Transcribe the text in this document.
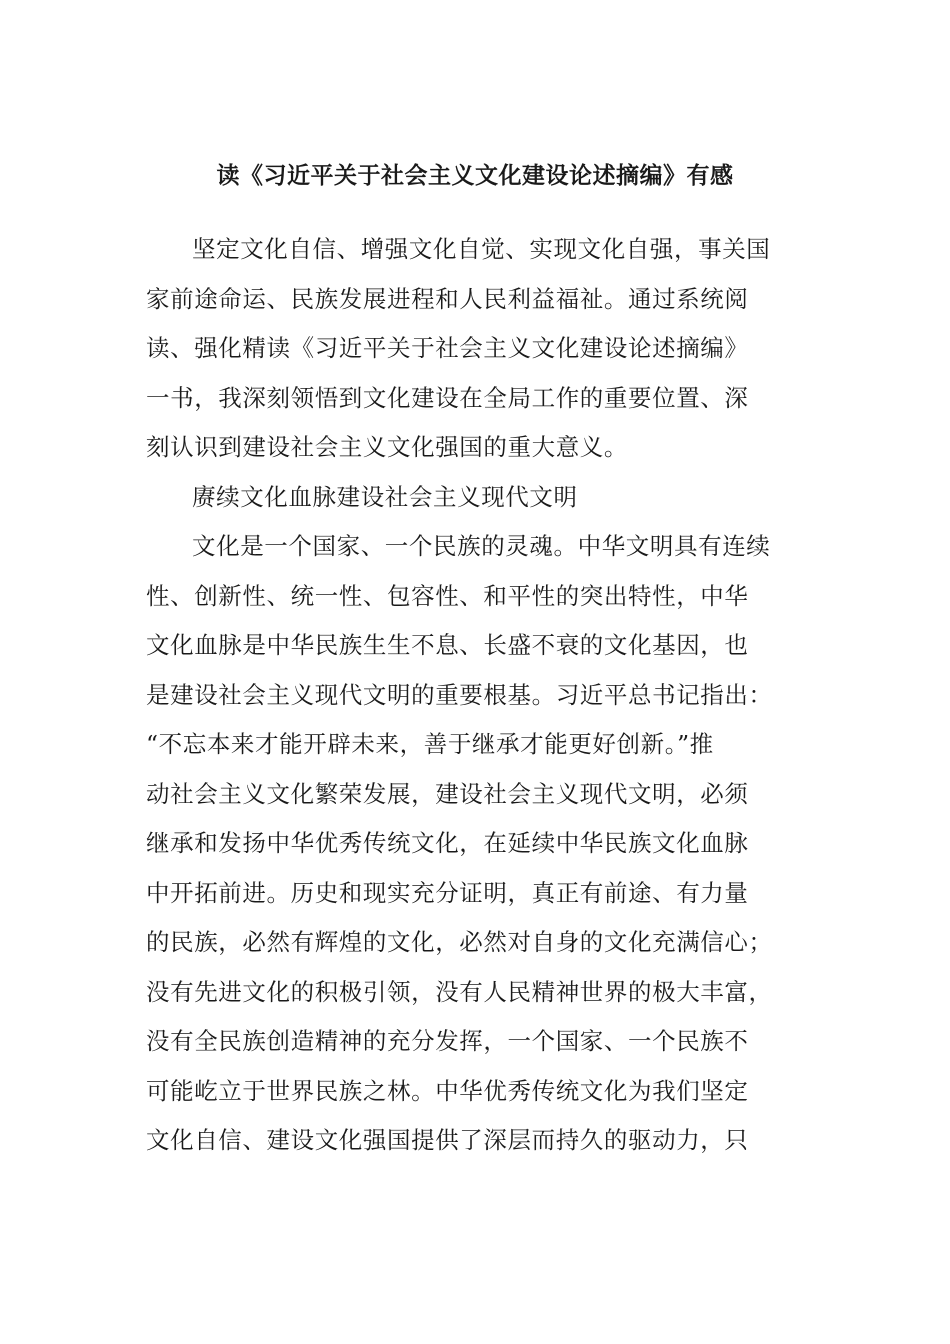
读《习近平关于社会主义文化建设论述摘编》有感
坚定文化自信、增强文化自觉、实现文化自强，事关国
家前途命运、民族发展进程和人民利益福祉。通过系统阅
读、强化精读《习近平关于社会主义文化建设论述摘编》
一书，我深刻领悟到文化建设在全局工作的重要位置、深
刻认识到建设社会主义文化强国的重大意义。
赓续文化血脉建设社会主义现代文明
文化是一个国家、一个民族的灵魂。中华文明具有连续
性、创新性、统一性、包容性、和平性的突出特性，中华
文化血脉是中华民族生生不息、长盛不衰的文化基因，也
是建设社会主义现代文明的重要根基。习近平总书记指出：
“不忘本来才能开辟未来，善于继承才能更好创新。”推
动社会主义文化繁荣发展，建设社会主义现代文明，必须
继承和发扬中华优秀传统文化，在延续中华民族文化血脉
中开拓前进。历史和现实充分证明，真正有前途、有力量
的民族，必然有辉煌的文化，必然对自身的文化充满信心；
没有先进文化的积极引领，没有人民精神世界的极大丰富，
没有全民族创造精神的充分发挥，一个国家、一个民族不
可能屹立于世界民族之林。中华优秀传统文化为我们坚定
文化自信、建设文化强国提供了深层而持久的驱动力，只
